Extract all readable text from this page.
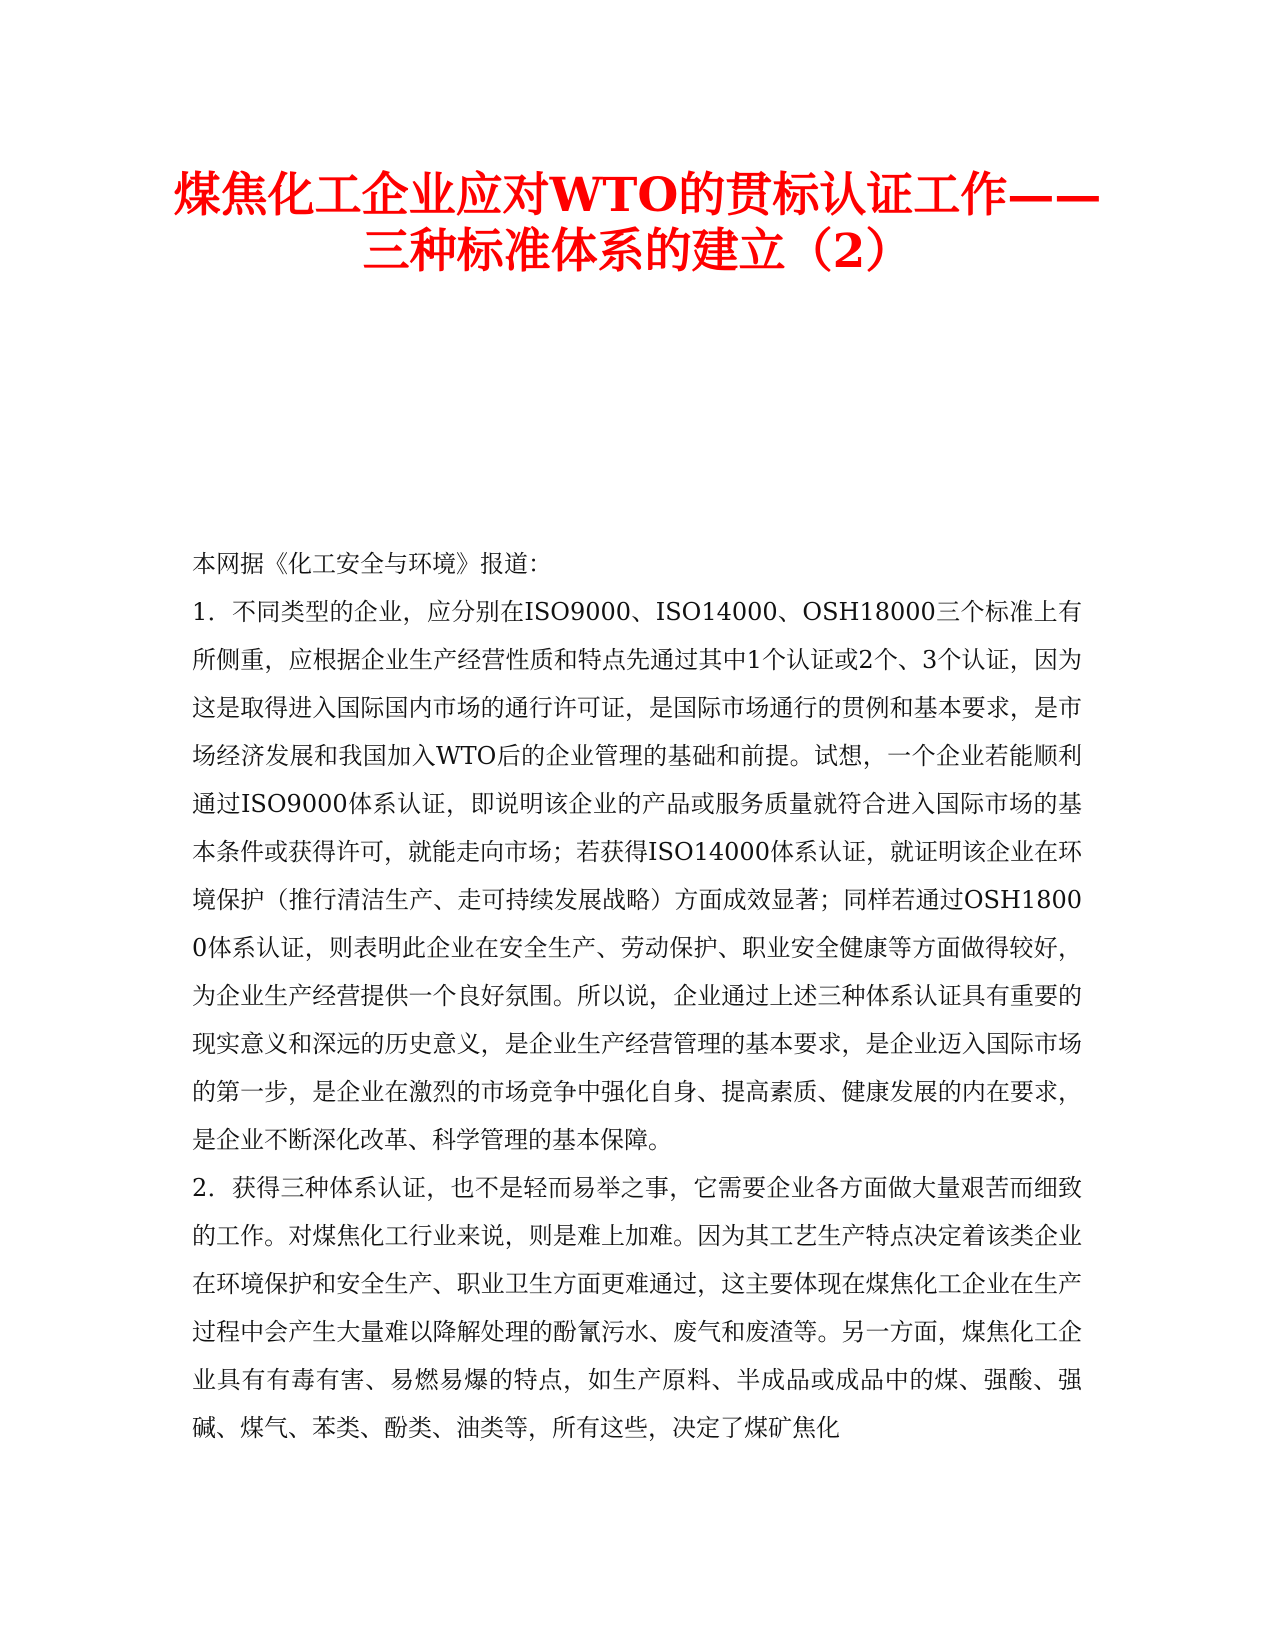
煤焦化工企业应对WTO的贯标认证工作——
三种标准体系的建立（2）

本网据《化工安全与环境》报道：

1．不同类型的企业，应分别在ISO9000、ISO14000、OSH18000三个标准上有所侧重，应根据企业生产经营性质和特点先通过其中1个认证或2个、3个认证，因为这是取得进入国际国内市场的通行许可证，是国际市场通行的贯例和基本要求，是市场经济发展和我国加入WTO后的企业管理的基础和前提。试想，一个企业若能顺利通过ISO9000体系认证，即说明该企业的产品或服务质量就符合进入国际市场的基本条件或获得许可，就能走向市场；若获得ISO14000体系认证，就证明该企业在环境保护（推行清洁生产、走可持续发展战略）方面成效显著；同样若通过OSH18000体系认证，则表明此企业在安全生产、劳动保护、职业安全健康等方面做得较好，为企业生产经营提供一个良好氛围。所以说，企业通过上述三种体系认证具有重要的现实意义和深远的历史意义，是企业生产经营管理的基本要求，是企业迈入国际市场的第一步，是企业在激烈的市场竞争中强化自身、提高素质、健康发展的内在要求，是企业不断深化改革、科学管理的基本保障。

2．获得三种体系认证，也不是轻而易举之事，它需要企业各方面做大量艰苦而细致的工作。对煤焦化工行业来说，则是难上加难。因为其工艺生产特点决定着该类企业在环境保护和安全生产、职业卫生方面更难通过，这主要体现在煤焦化工企业在生产过程中会产生大量难以降解处理的酚氰污水、废气和废渣等。另一方面，煤焦化工企业具有有毒有害、易燃易爆的特点，如生产原料、半成品或成品中的煤、强酸、强碱、煤气、苯类、酚类、油类等，所有这些，决定了煤矿焦化
